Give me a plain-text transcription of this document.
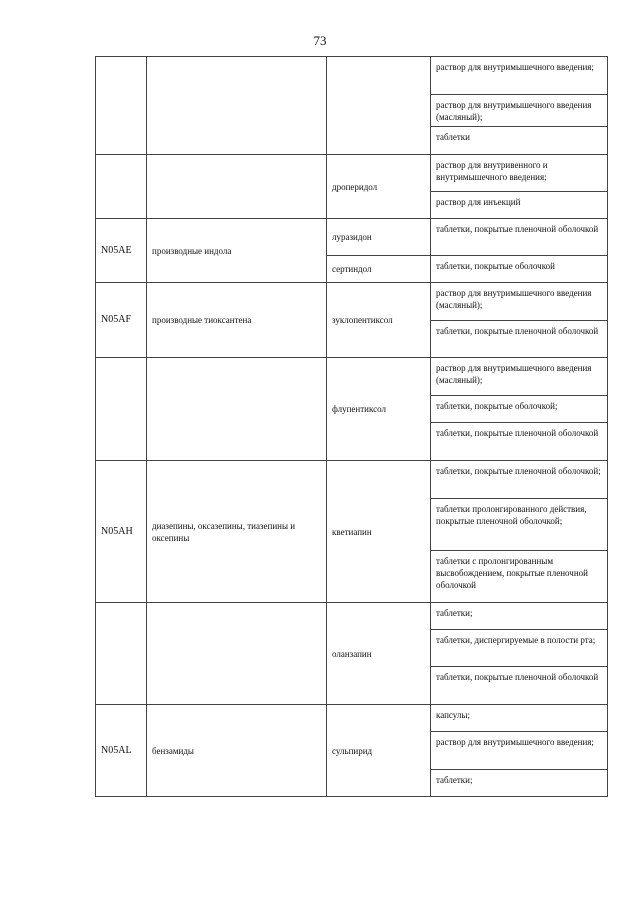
73
			раствор для внутримышечного введения;
			раствор для внутримышечного введения (масляный);
			таблетки
		дроперидол	раствор для внутривенного и внутримышечного введения;
			раствор для инъекций
N05AE	производные индола	луразидон	таблетки, покрытые пленочной оболочкой
		сертиндол	таблетки, покрытые оболочкой
N05AF	производные тиоксантена	зуклопентиксол	раствор для внутримышечного введения (масляный);
			таблетки, покрытые пленочной оболочкой
		флупентиксол	раствор для внутримышечного введения (масляный);
			таблетки, покрытые оболочкой;
			таблетки, покрытые пленочной оболочкой
N05AH	диазепины, оксазепины, тиазепины и оксепины	кветиапин	таблетки, покрытые пленочной оболочкой;
			таблетки пролонгированного действия, покрытые пленочной оболочкой;
			таблетки с пролонгированным высвобождением, покрытые пленочной оболочкой
		оланзапин	таблетки;
			таблетки, диспергируемые в полости рта;
			таблетки, покрытые пленочной оболочкой
N05AL	бензамиды	сульпирид	капсулы;
			раствор для внутримышечного введения;
			таблетки;
